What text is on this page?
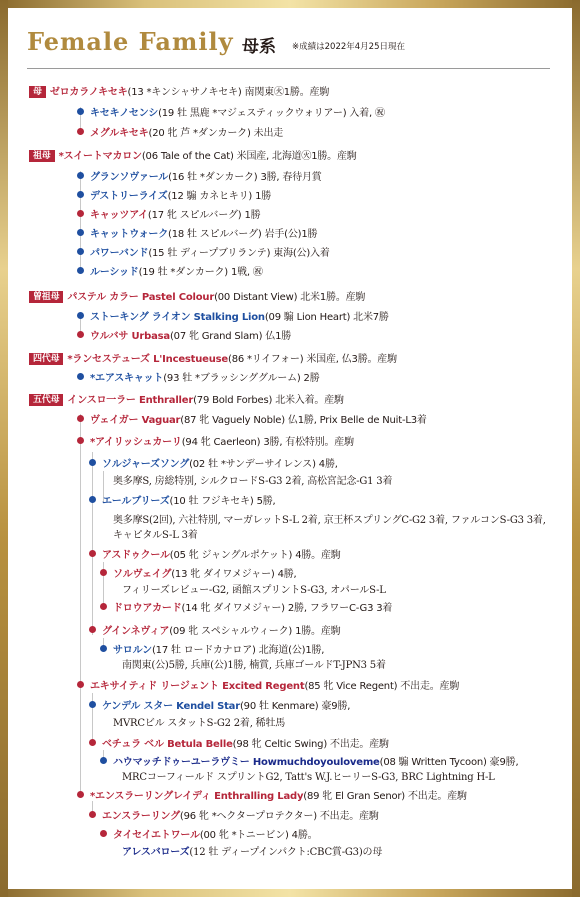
Female Family 母系 ※成績は2022年4月25日現在
母 ゼロカラノキセキ(13 *キンシャサノキセキ) 南関東㊋1勝。産駒
キセキノセンシ(19 牡 黒鹿 *マジェスティックウォリアー) 入着, ㊗
メグルキセキ(20 牝 芦 *ダンカーク) 未出走
祖母 *スイートマカロン(06 Tale of the Cat) 米国産, 北海道㊋1勝。産駒
グランソヴァール(16 牡 *ダンカーク) 3勝, 春待月賞
デストリーライズ(12 騸 カネヒキリ) 1勝
キャッツアイ(17 牝 スピルバーグ) 1勝
キャットウォーク(18 牡 スピルバーグ) 岩手(公)1勝
パワーバンド(15 牡 ディープブリランテ) 東海(公)入着
ルーシッド(19 牡 *ダンカーク) 1戦, ㊗
曽祖母 パステル カラー Pastel Colour(00 Distant View) 北米1勝。産駒
ストーキング ライオン Stalking Lion(09 騸 Lion Heart) 北米7勝
ウルバサ Urbasa(07 牝 Grand Slam) 仏1勝
四代母 *ランセステューズ L'Incestueuse(86 *リイフォー) 米国産, 仏3勝。産駒
*エアスキャット(93 牡 *ブラッシンググルーム) 2勝
五代母 インスロ一ラー Enthraller(79 Bold Forbes) 北米入着。産駒
ヴェイガー Vaguar(87 牝 Vaguely Noble) 仏1勝, Prix Belle de Nuit-L3着
*アイリッシュカーリ(94 牝 Caerleon) 3勝, 有松特別。産駒
ソルジャーズソング(02 牡 *サンデーサイレンス) 4勝,
奥多摩S, 房総特別, シルクロードS-G3 2着, 高松宮記念-G1 3着
エールブリーズ(10 牡 フジキセキ) 5勝,
奥多摩S(2回), 六社特別, マーガレットS-L 2着, 京王杯スプリングC-G2 3着, ファルコンS-G3 3着,
キャピタルS-L 3着
アスドゥクール(05 牝 ジャングルポケット) 4勝。産駒
ソルヴェイグ(13 牝 ダイワメジャー) 4勝,
フィリーズレビュー-G2, 函館スプリントS-G3, オパールS-L
ドロウアカード(14 牝 ダイワメジャー) 2勝, フラワーC-G3 3着
グインネヴィア(09 牝 スペシャルウィーク) 1勝。産駒
サロルン(17 牡 ロードカナロア) 北海道(公)1勝,
南関東(公)5勝, 兵庫(公)1勝, 楠賞, 兵庫ゴールドT-JPN3 5着
エキサイティド リージェント Excited Regent(85 牝 Vice Regent) 不出走。産駒
ケンデル スター Kendel Star(90 牡 Kenmare) 豪9勝,
MVRCビル スタットS-G2 2着, 稀牡馬
ベチュラ ベル Betula Belle(98 牝 Celtic Swing) 不出走。産駒
ハウマッチドゥーユーラヴミー Howmuchdoyouloveme(08 騸 Written Tycoon) 豪9勝,
MRCコーフィールド スプリントG2, Tatt's W.J.ヒーリーS-G3, BRC Lightning H-L
*エンスラーリングレイディ Enthralling Lady(89 牝 El Gran Senor) 不出走。産駒
エンスラーリング(96 牝 *ヘクタープロテクター) 不出走。産駒
タイセイエトワール(00 牝 *トニービン) 4勝。
アレスバローズ(12 牡 ディープインパクト:CBC賞-G3)の母
